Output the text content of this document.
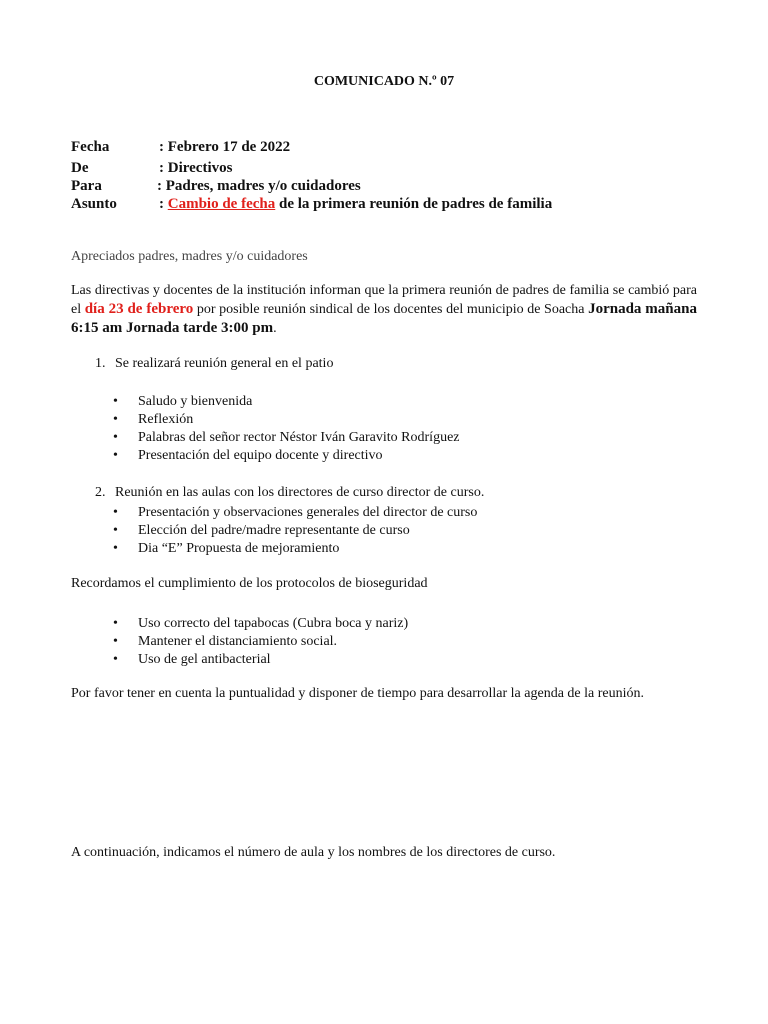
COMUNICADO N.º 07
Fecha	: Febrero 17 de 2022
De	: Directivos
Para	: Padres, madres y/o cuidadores
Asunto	: Cambio de fecha de la primera reunión de padres de familia
Apreciados padres, madres y/o cuidadores
Las directivas y docentes de la institución informan que la primera reunión de padres de familia se cambió para el día 23 de febrero por posible reunión sindical de los docentes del municipio de Soacha Jornada mañana 6:15 am Jornada tarde 3:00 pm.
1. Se realizará reunión general en el patio
• Saludo y bienvenida
• Reflexión
• Palabras del señor rector Néstor Iván Garavito Rodríguez
• Presentación del equipo docente y directivo
2. Reunión en las aulas con los directores de curso director de curso.
• Presentación y observaciones generales del director de curso
• Elección del padre/madre representante de curso
• Dia “E” Propuesta de mejoramiento
Recordamos el cumplimiento de los protocolos de bioseguridad
• Uso correcto del tapabocas (Cubra boca y nariz)
• Mantener el distanciamiento social.
• Uso de gel antibacterial
Por favor tener en cuenta la puntualidad y disponer de tiempo para desarrollar la agenda de la reunión.
A continuación, indicamos el número de aula y los nombres de los directores de curso.
